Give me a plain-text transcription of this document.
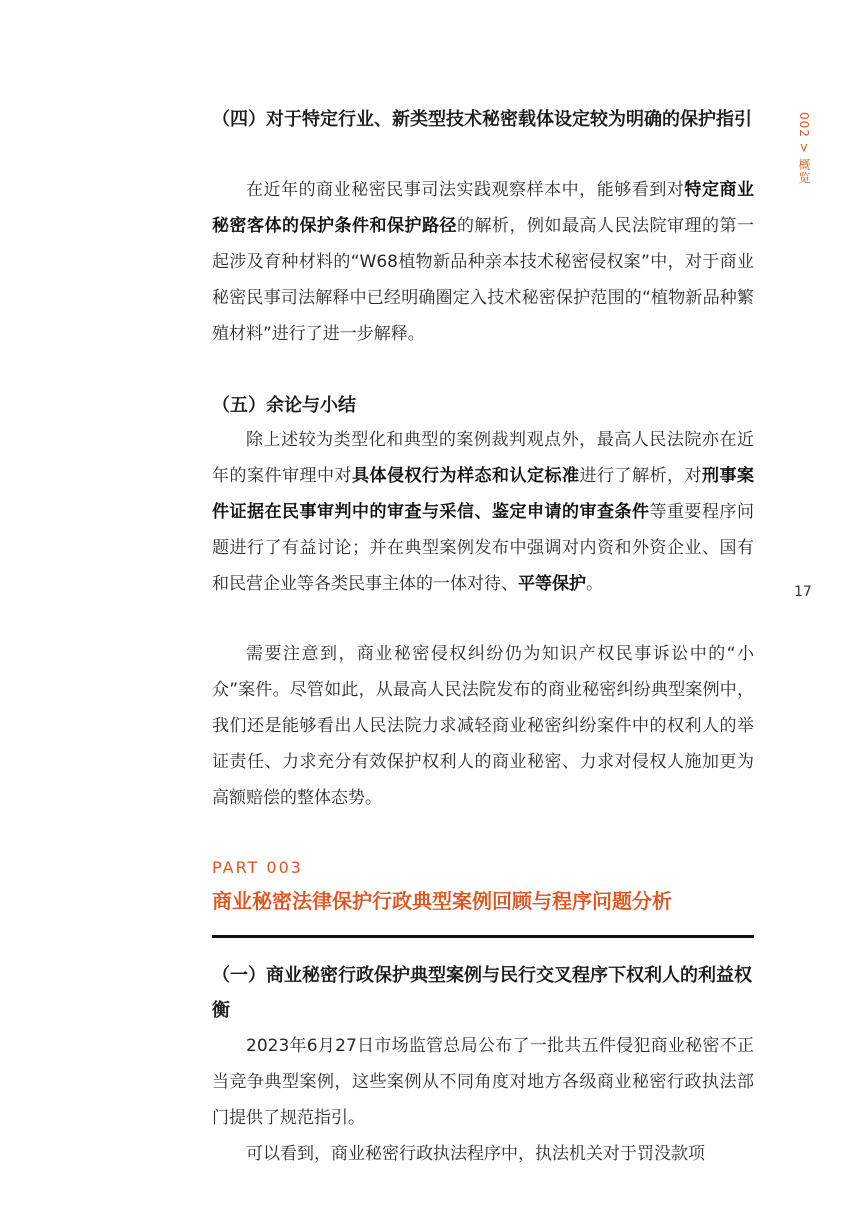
002 > 概览
17
（四）对于特定行业、新类型技术秘密载体设定较为明确的保护指引
在近年的商业秘密民事司法实践观察样本中，能够看到对特定商业秘密客体的保护条件和保护路径的解析，例如最高人民法院审理的第一起涉及育种材料的“W68植物新品种亲本技术秘密侵权案”中，对于商业秘密民事司法解释中已经明确圈定入技术秘密保护范围的“植物新品种繁殖材料”进行了进一步解释。
（五）余论与小结
除上述较为类型化和典型的案例裁判观点外，最高人民法院亦在近年的案件审理中对具体侵权行为样态和认定标准进行了解析，对刑事案件证据在民事审判中的审查与采信、鉴定申请的审查条件等重要程序问题进行了有益讨论；并在典型案例发布中强调对内资和外资企业、国有和民营企业等各类民事主体的一体对待、平等保护。
需要注意到，商业秘密侵权纠纷仍为知识产权民事诉讼中的“小众”案件。尽管如此，从最高人民法院发布的商业秘密纠纷典型案例中，我们还是能够看出人民法院力求减轻商业秘密纠纷案件中的权利人的举证责任、力求充分有效保护权利人的商业秘密、力求对侵权人施加更为高额赔偿的整体态势。
PART 003
商业秘密法律保护行政典型案例回顾与程序问题分析
（一）商业秘密行政保护典型案例与民行交叉程序下权利人的利益权衡
2023年6月27日市场监管总局公布了一批共五件侵犯商业秘密不正当竞争典型案例，这些案例从不同角度对地方各级商业秘密行政执法部门提供了规范指引。
可以看到，商业秘密行政执法程序中，执法机关对于罚没款项
